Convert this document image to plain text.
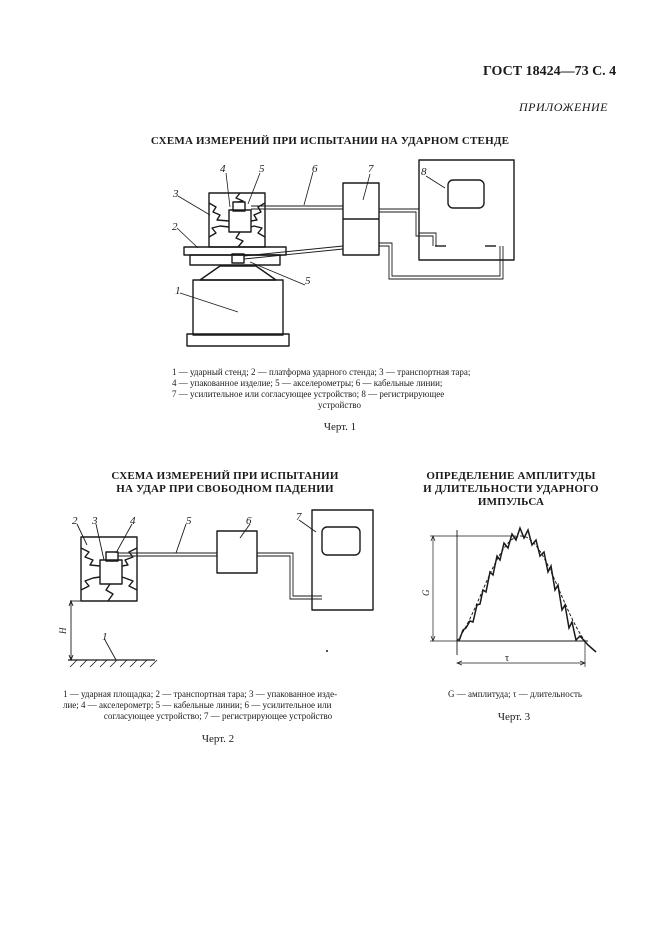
ГОСТ 18424—73 С. 4
ПРИЛОЖЕНИЕ
СХЕМА ИЗМЕРЕНИЙ ПРИ ИСПЫТАНИИ НА УДАРНОМ СТЕНДЕ
3
2
4	5	6	7	8
5
1
1 — ударный стенд; 2 — платформа ударного стенда; 3 — транспортная тара;
4 — упакованное изделие; 5 — акселерометры; 6 — кабельные линии;
7 — усилительное или согласующее устройство; 8 — регистрирующее
устройство
Черт. 1
СХЕМА ИЗМЕРЕНИЙ ПРИ ИСПЫТАНИИ
НА УДАР ПРИ СВОБОДНОМ ПАДЕНИИ
2 3	4	5	6	7
1
H
1 — ударная площадка; 2 — транспортная тара; 3 — упакованное изде-
лие; 4 — акселерометр; 5 — кабельные линии; 6 — усилительное или
согласующее устройство; 7 — регистрирующее устройство
Черт. 2
ОПРЕДЕЛЕНИЕ АМПЛИТУДЫ
И ДЛИТЕЛЬНОСТИ УДАРНОГО
ИМПУЛЬСА
G
τ
G — амплитуда; τ — длительность
Черт. 3
